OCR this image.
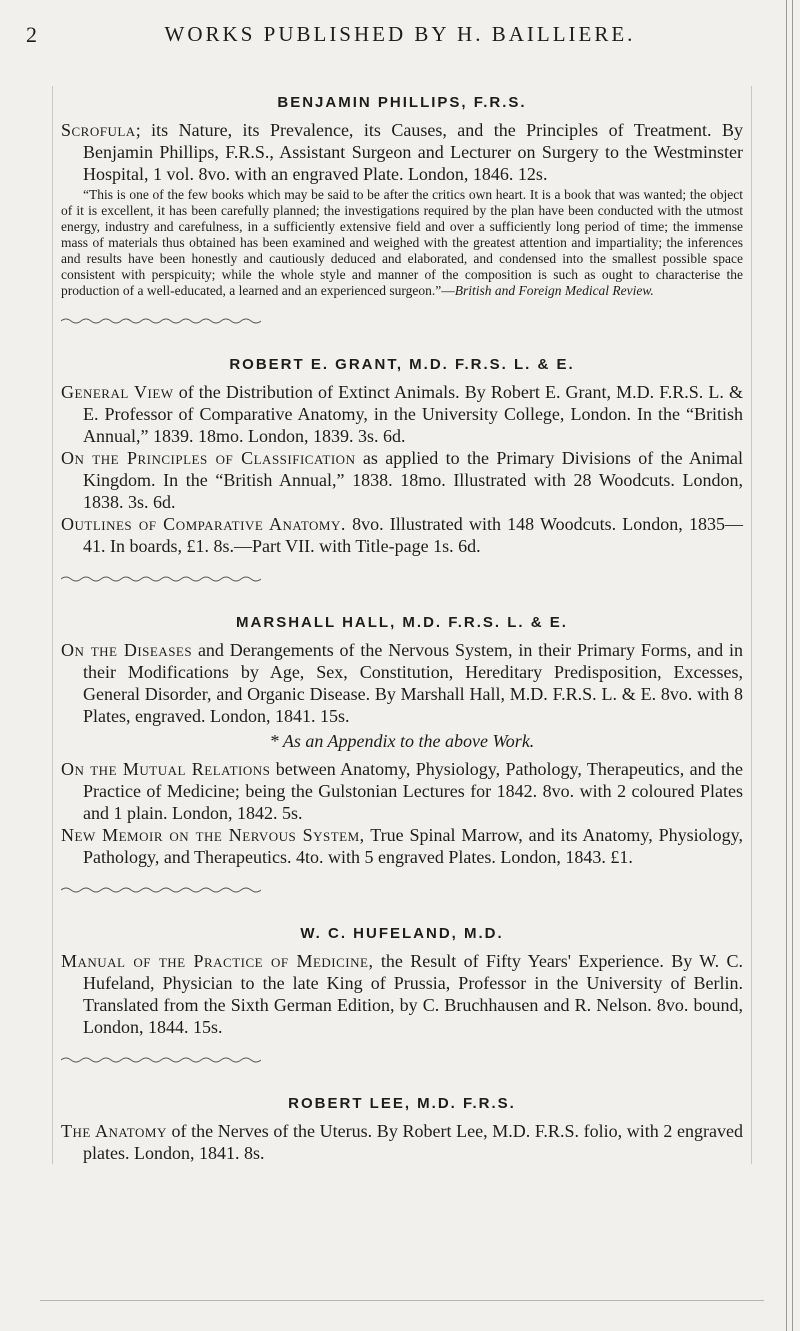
2	WORKS PUBLISHED BY H. BAILLIERE.
BENJAMIN PHILLIPS, F.R.S.

Scrofula; its Nature, its Prevalence, its Causes, and the Principles of Treatment. By Benjamin Phillips, F.R.S., Assistant Surgeon and Lecturer on Surgery to the Westminster Hospital, 1 vol. 8vo. with an engraved Plate. London, 1846. 12s.

“This is one of the few books which may be said to be after the critics own heart. It is a book that was wanted; the object of it is excellent, it has been carefully planned; the investigations required by the plan have been conducted with the utmost energy, industry and carefulness, in a sufficiently extensive field and over a sufficiently long period of time; the immense mass of materials thus obtained has been examined and weighed with the greatest attention and impartiality; the inferences and results have been honestly and cautiously deduced and elaborated, and condensed into the smallest possible space consistent with perspicuity; while the whole style and manner of the composition is such as ought to characterise the production of a well-educated, a learned and an experienced surgeon.”—British and Foreign Medical Review.

ROBERT E. GRANT, M.D. F.R.S. L. & E.

General View of the Distribution of Extinct Animals. By Robert E. Grant, M.D. F.R.S. L. & E. Professor of Comparative Anatomy, in the University College, London. In the “British Annual,” 1839. 18mo. London, 1839. 3s. 6d.

On the Principles of Classification as applied to the Primary Divisions of the Animal Kingdom. In the “British Annual,” 1838. 18mo. Illustrated with 28 Woodcuts. London, 1838. 3s. 6d.

Outlines of Comparative Anatomy. 8vo. Illustrated with 148 Woodcuts. London, 1835—41. In boards, £1. 8s.—Part VII. with Title-page 1s. 6d.

MARSHALL HALL, M.D. F.R.S. L. & E.

On the Diseases and Derangements of the Nervous System, in their Primary Forms, and in their Modifications by Age, Sex, Constitution, Hereditary Predisposition, Excesses, General Disorder, and Organic Disease. By Marshall Hall, M.D. F.R.S. L. & E. 8vo. with 8 Plates, engraved. London, 1841. 15s.

* As an Appendix to the above Work.

On the Mutual Relations between Anatomy, Physiology, Pathology, Therapeutics, and the Practice of Medicine; being the Gulstonian Lectures for 1842. 8vo. with 2 coloured Plates and 1 plain. London, 1842. 5s.

New Memoir on the Nervous System, True Spinal Marrow, and its Anatomy, Physiology, Pathology, and Therapeutics. 4to. with 5 engraved Plates. London, 1843. £1.

W. C. HUFELAND, M.D.

Manual of the Practice of Medicine, the Result of Fifty Years' Experience. By W. C. Hufeland, Physician to the late King of Prussia, Professor in the University of Berlin. Translated from the Sixth German Edition, by C. Bruchhausen and R. Nelson. 8vo. bound, London, 1844. 15s.

ROBERT LEE, M.D. F.R.S.

The Anatomy of the Nerves of the Uterus. By Robert Lee, M.D. F.R.S. folio, with 2 engraved plates. London, 1841. 8s.
